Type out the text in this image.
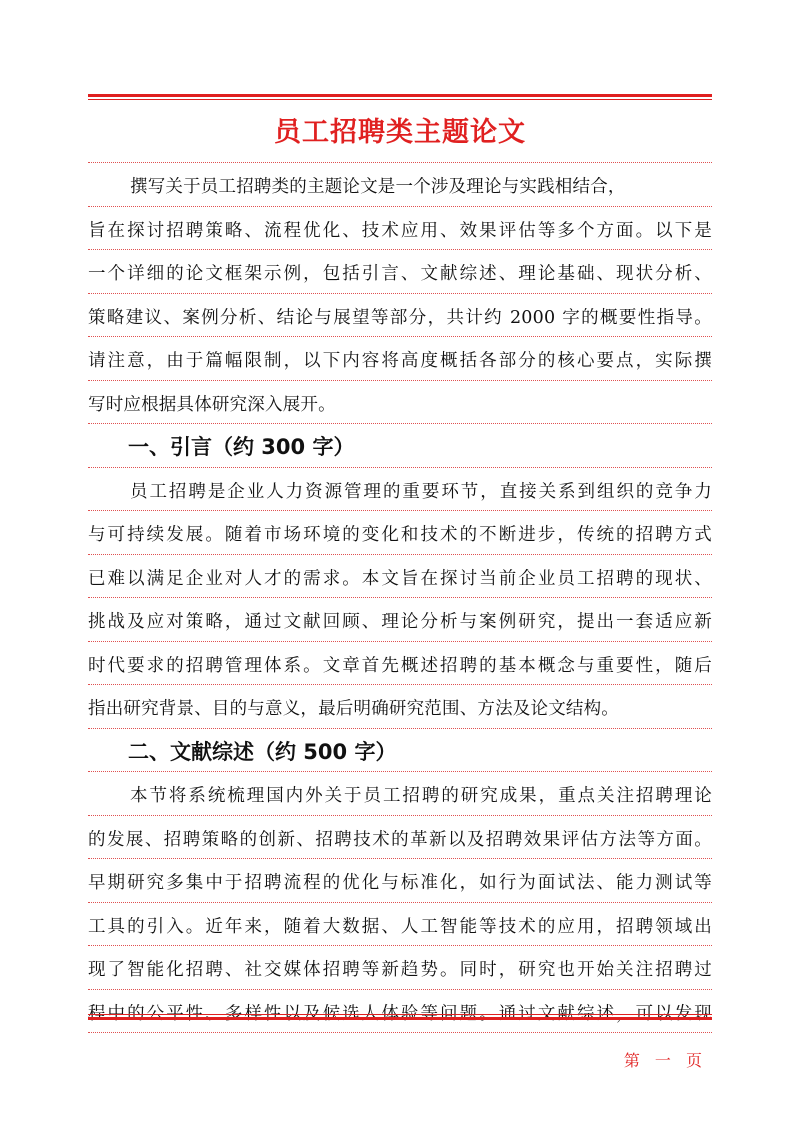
员工招聘类主题论文
撰写关于员工招聘类的主题论文是一个涉及理论与实践相结合，
旨在探讨招聘策略、流程优化、技术应用、效果评估等多个方面。以下是
一个详细的论文框架示例，包括引言、文献综述、理论基础、现状分析、
策略建议、案例分析、结论与展望等部分，共计约 2000 字的概要性指导。
请注意，由于篇幅限制，以下内容将高度概括各部分的核心要点，实际撰
写时应根据具体研究深入展开。
一、引言（约 300 字）
员工招聘是企业人力资源管理的重要环节，直接关系到组织的竞争力
与可持续发展。随着市场环境的变化和技术的不断进步，传统的招聘方式
已难以满足企业对人才的需求。本文旨在探讨当前企业员工招聘的现状、
挑战及应对策略，通过文献回顾、理论分析与案例研究，提出一套适应新
时代要求的招聘管理体系。文章首先概述招聘的基本概念与重要性，随后
指出研究背景、目的与意义，最后明确研究范围、方法及论文结构。
二、文献综述（约 500 字）
本节将系统梳理国内外关于员工招聘的研究成果，重点关注招聘理论
的发展、招聘策略的创新、招聘技术的革新以及招聘效果评估方法等方面。
早期研究多集中于招聘流程的优化与标准化，如行为面试法、能力测试等
工具的引入。近年来，随着大数据、人工智能等技术的应用，招聘领域出
现了智能化招聘、社交媒体招聘等新趋势。同时，研究也开始关注招聘过
程中的公平性、多样性以及候选人体验等问题。通过文献综述，可以发现
第 一 页
